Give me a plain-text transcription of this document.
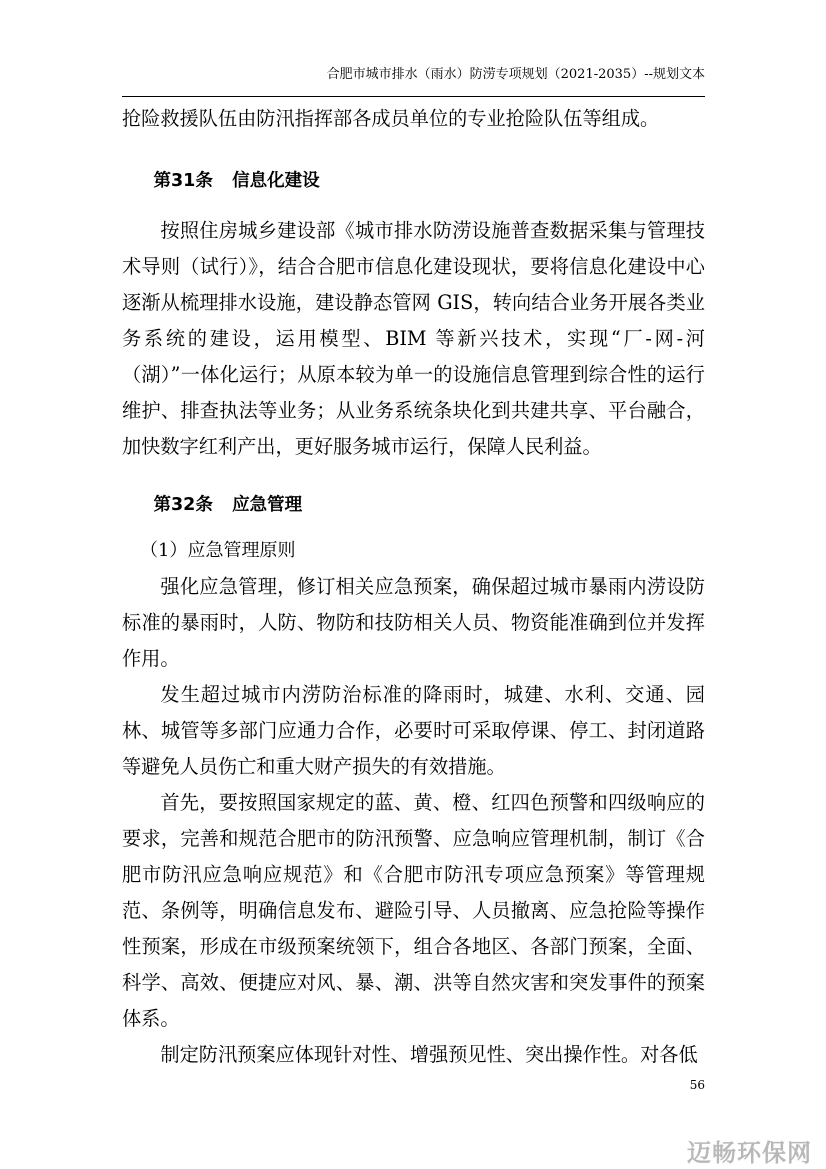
合肥市城市排水（雨水）防涝专项规划（2021-2035）--规划文本

抢险救援队伍由防汛指挥部各成员单位的专业抢险队伍等组成。

第31条 信息化建设

按照住房城乡建设部《城市排水防涝设施普查数据采集与管理技术导则（试行）》，结合合肥市信息化建设现状，要将信息化建设中心逐渐从梳理排水设施，建设静态管网 GIS，转向结合业务开展各类业务系统的建设，运用模型、BIM 等新兴技术，实现“厂-网-河（湖）”一体化运行；从原本较为单一的设施信息管理到综合性的运行维护、排查执法等业务；从业务系统条块化到共建共享、平台融合，加快数字红利产出，更好服务城市运行，保障人民利益。

第32条 应急管理

（1）应急管理原则

强化应急管理，修订相关应急预案，确保超过城市暴雨内涝设防标准的暴雨时，人防、物防和技防相关人员、物资能准确到位并发挥作用。

发生超过城市内涝防治标准的降雨时，城建、水利、交通、园林、城管等多部门应通力合作，必要时可采取停课、停工、封闭道路等避免人员伤亡和重大财产损失的有效措施。

首先，要按照国家规定的蓝、黄、橙、红四色预警和四级响应的要求，完善和规范合肥市的防汛预警、应急响应管理机制，制订《合肥市防汛应急响应规范》和《合肥市防汛专项应急预案》等管理规范、条例等，明确信息发布、避险引导、人员撤离、应急抢险等操作性预案，形成在市级预案统领下，组合各地区、各部门预案，全面、科学、高效、便捷应对风、暴、潮、洪等自然灾害和突发事件的预案体系。

制定防汛预案应体现针对性、增强预见性、突出操作性。对各低

56
迈畅环保网
